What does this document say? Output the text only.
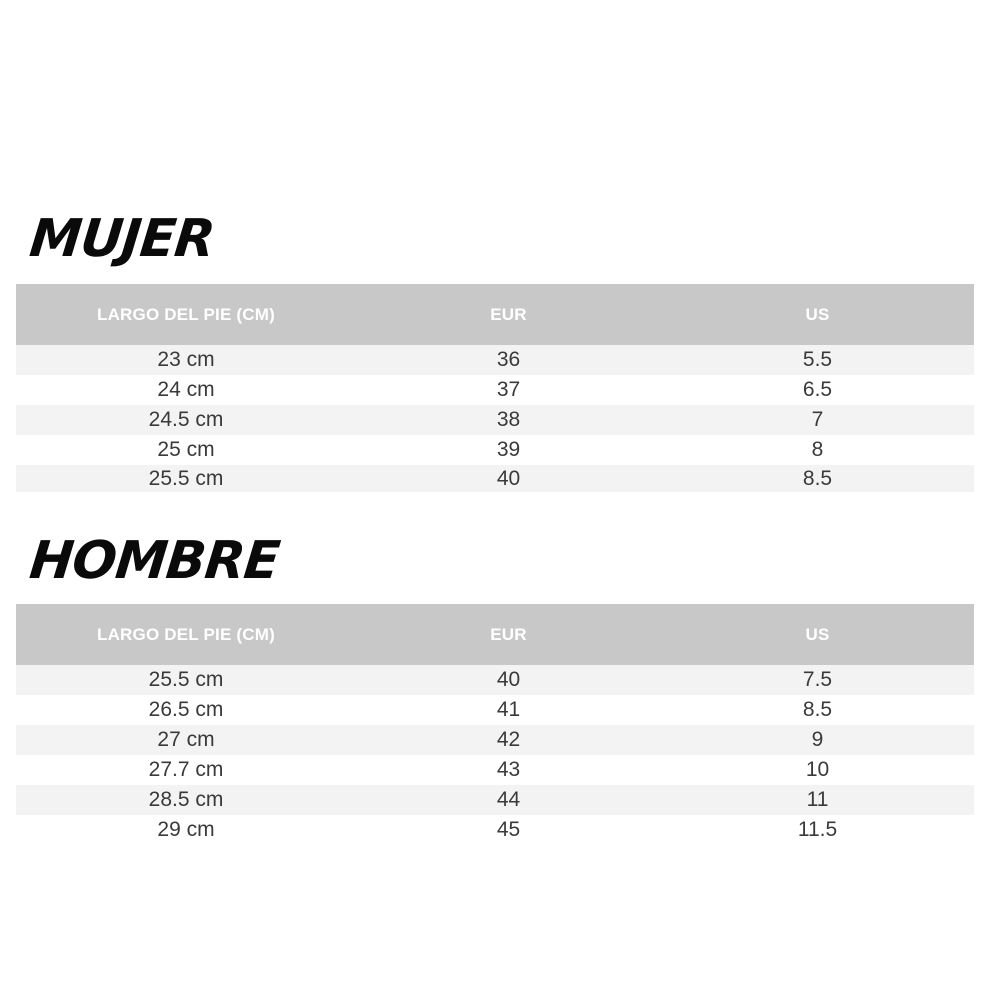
MUJER
LARGO DEL PIE (CM)	EUR	US
23 cm	36	5.5
24 cm	37	6.5
24.5 cm	38	7
25 cm	39	8
25.5 cm	40	8.5
HOMBRE
LARGO DEL PIE (CM)	EUR	US
25.5 cm	40	7.5
26.5 cm	41	8.5
27 cm	42	9
27.7 cm	43	10
28.5 cm	44	11
29 cm	45	11.5
